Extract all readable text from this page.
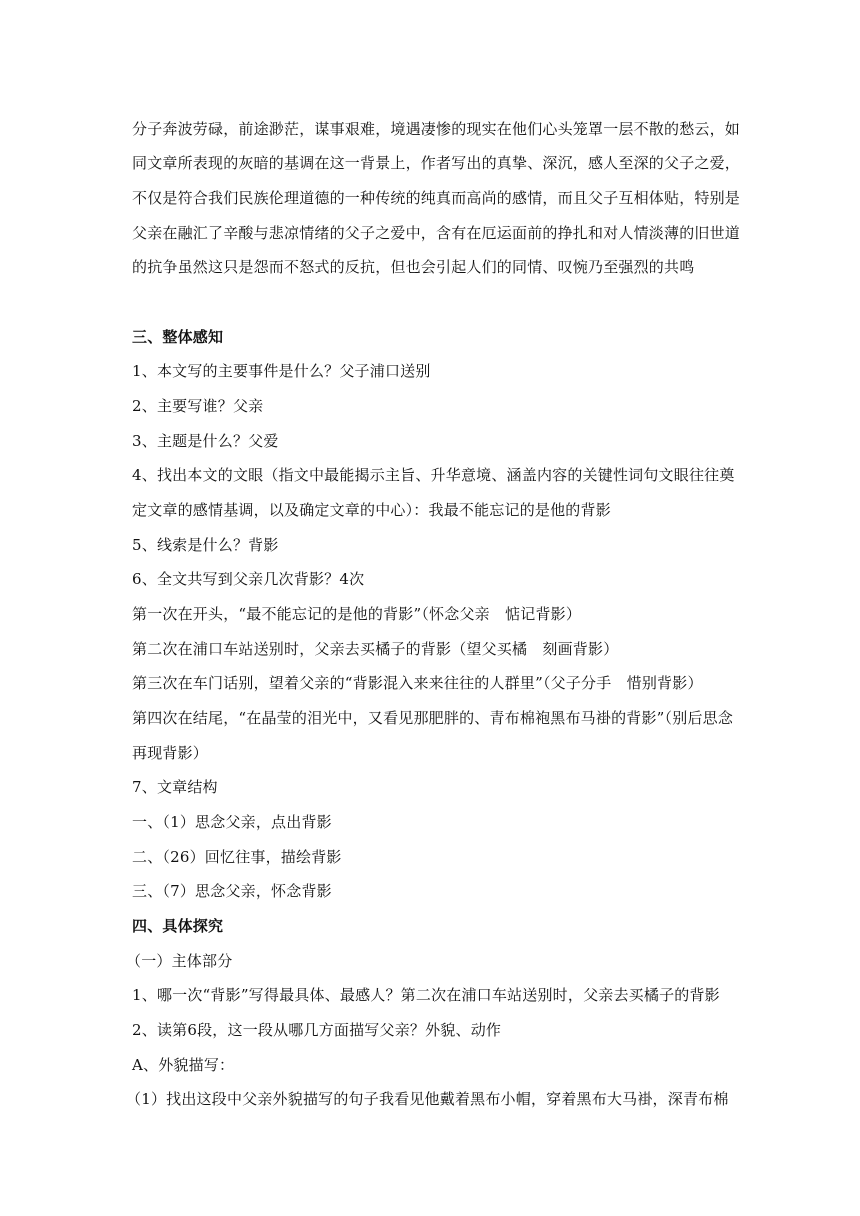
分子奔波劳碌，前途渺茫，谋事艰难，境遇凄惨的现实在他们心头笼罩一层不散的愁云，如
同文章所表现的灰暗的基调在这一背景上，作者写出的真挚、深沉，感人至深的父子之爱，
不仅是符合我们民族伦理道德的一种传统的纯真而高尚的感情，而且父子互相体贴，特别是
父亲在融汇了辛酸与悲凉情绪的父子之爱中，含有在厄运面前的挣扎和对人情淡薄的旧世道
的抗争虽然这只是怨而不怒式的反抗，但也会引起人们的同情、叹惋乃至强烈的共鸣
三、整体感知
1、本文写的主要事件是什么？父子浦口送别
2、主要写谁？父亲
3、主题是什么？父爱
4、找出本文的文眼（指文中最能揭示主旨、升华意境、涵盖内容的关键性词句文眼往往奠
定文章的感情基调，以及确定文章的中心）：我最不能忘记的是他的背影
5、线索是什么？背影
6、全文共写到父亲几次背影？4次
第一次在开头，“最不能忘记的是他的背影”（怀念父亲　惦记背影）
第二次在浦口车站送别时，父亲去买橘子的背影（望父买橘　刻画背影）
第三次在车门话别，望着父亲的“背影混入来来往往的人群里”（父子分手　惜别背影）
第四次在结尾，“在晶莹的泪光中，又看见那肥胖的、青布棉袍黑布马褂的背影”（别后思念
再现背影）
7、文章结构
一、（1）思念父亲，点出背影
二、（26）回忆往事，描绘背影
三、（7）思念父亲，怀念背影
四、具体探究
（一）主体部分
1、哪一次“背影”写得最具体、最感人？第二次在浦口车站送别时，父亲去买橘子的背影
2、读第6段，这一段从哪几方面描写父亲？外貌、动作
A、外貌描写：
（1）找出这段中父亲外貌描写的句子我看见他戴着黑布小帽，穿着黑布大马褂，深青布棉
